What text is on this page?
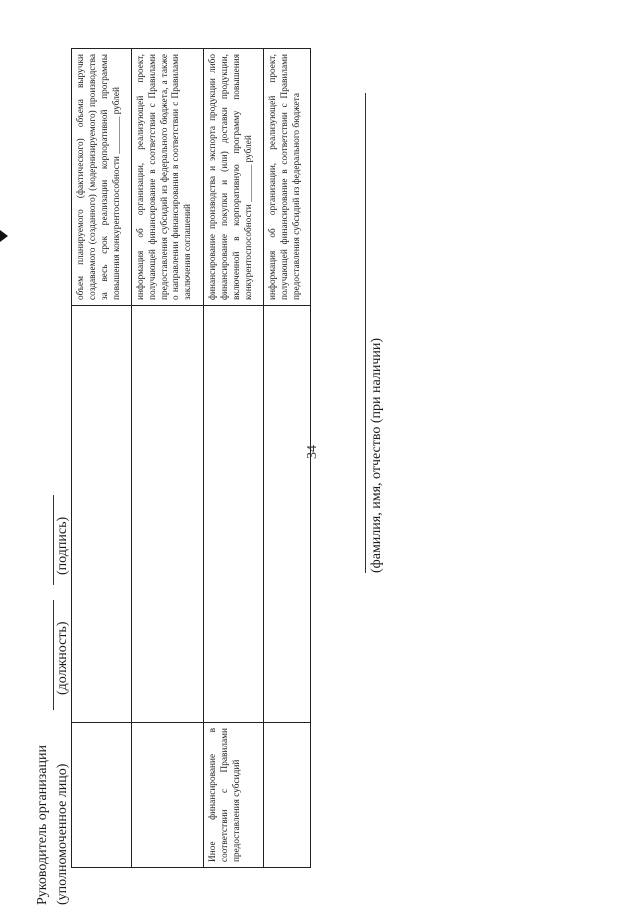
34
		объем планируемого (фактического) объема выручки создаваемого (созданного) (модернизируемого) производства за весь срок реализации корпоративной программы повышения конкурентоспособности ________ рублей
		информация об организации, реализующей проект, получающей финансирование в соответствии с Правилами предоставления субсидий из федерального бюджета, а также о направлении финансирования в соответствии с Правилами заключения соглашений
Иное финансирование в соответствии с Правилами предоставления субсидий		финансирование производства и экспорта продукции либо финансирование покупки и (или) доставки продукции, включенной в корпоративную программу повышения конкурентоспособности ________ рублей
		информация об организации, реализующей проект, получающей финансирование в соответствии с Правилами предоставления субсидий из федерального бюджета
Руководитель организации (уполномоченное лицо)
(должность)
(подпись)	(фамилия, имя, отчество (при наличии)
